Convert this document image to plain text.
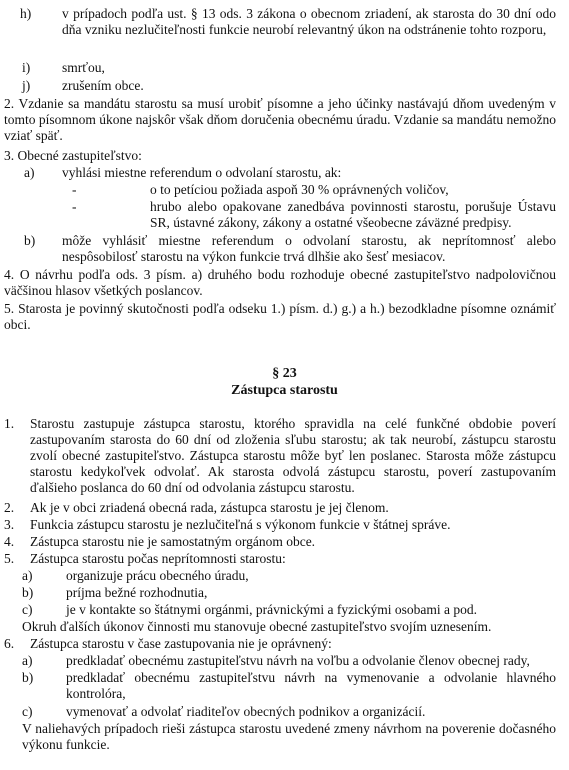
h)	v prípadoch podľa ust. § 13 ods. 3 zákona o obecnom zriadení, ak starosta do 30 dní odo dňa vzniku nezlučiteľnosti funkcie neurobí relevantný úkon na odstránenie tohto rozporu,
i)	smrťou,
j)	zrušením obce.

2. Vzdanie sa mandátu starostu sa musí urobiť písomne a jeho účinky nastávajú dňom uvedeným v tomto písomnom úkone najskôr však dňom doručenia obecnému úradu. Vzdanie sa mandátu nemožno vziať späť.

3. Obecné zastupiteľstvo:

a)	vyhlási miestne referendum o odvolaní starostu, ak:
-	o to petíciou požiada aspoň 30 % oprávnených voličov,
-	hrubo alebo opakovane zanedbáva povinnosti starostu, porušuje Ústavu SR, ústavné zákony, zákony a ostatné všeobecne záväzné predpisy.
b)	môže vyhlásiť miestne referendum o odvolaní starostu, ak neprítomnosť alebo nespôsobilosť starostu na výkon funkcie trvá dlhšie ako šesť mesiacov.

4. O návrhu podľa ods. 3 písm. a) druhého bodu rozhoduje obecné zastupiteľstvo nadpolovičnou väčšinou hlasov všetkých poslancov.

5. Starosta je povinný skutočnosti podľa odseku 1.) písm. d.) g.) a h.) bezodkladne písomne oznámiť obci.

§ 23
Zástupca starostu
1.	Starostu zastupuje zástupca starostu, ktorého spravidla na celé funkčné obdobie poverí zastupovaním starosta do 60 dní od zloženia sľubu starostu; ak tak neurobí, zástupcu starostu zvolí obecné zastupiteľstvo. Zástupca starostu môže byť len poslanec. Starosta môže zástupcu starostu kedykoľvek odvolať. Ak starosta odvolá zástupcu starostu, poverí zastupovaním ďalšieho poslanca do 60 dní od odvolania zástupcu starostu.
2.	Ak je v obci zriadená obecná rada, zástupca starostu je jej členom.
3.	Funkcia zástupcu starostu je nezlučiteľná s výkonom funkcie v štátnej správe.
4.	Zástupca starostu nie je samostatným orgánom obce.
5.	Zástupca starostu počas neprítomnosti starostu:
a)	organizuje prácu obecného úradu,
b)	príjma bežné rozhodnutia,
c)	je v kontakte so štátnymi orgánmi, právnickými a fyzickými osobami a pod.

Okruh ďalších úkonov činnosti mu stanovuje obecné zastupiteľstvo svojím uznesením.

6.	Zástupca starostu v čase zastupovania nie je oprávnený:
a)	predkladať obecnému zastupiteľstvu návrh na voľbu a odvolanie členov obecnej rady,
b)	predkladať obecnému zastupiteľstvu návrh na vymenovanie a odvolanie hlavného kontrolóra,
c)	vymenovať a odvolať riaditeľov obecných podnikov a organizácií.

V naliehavých prípadoch rieši zástupca starostu uvedené zmeny návrhom na poverenie dočasného výkonu funkcie.
